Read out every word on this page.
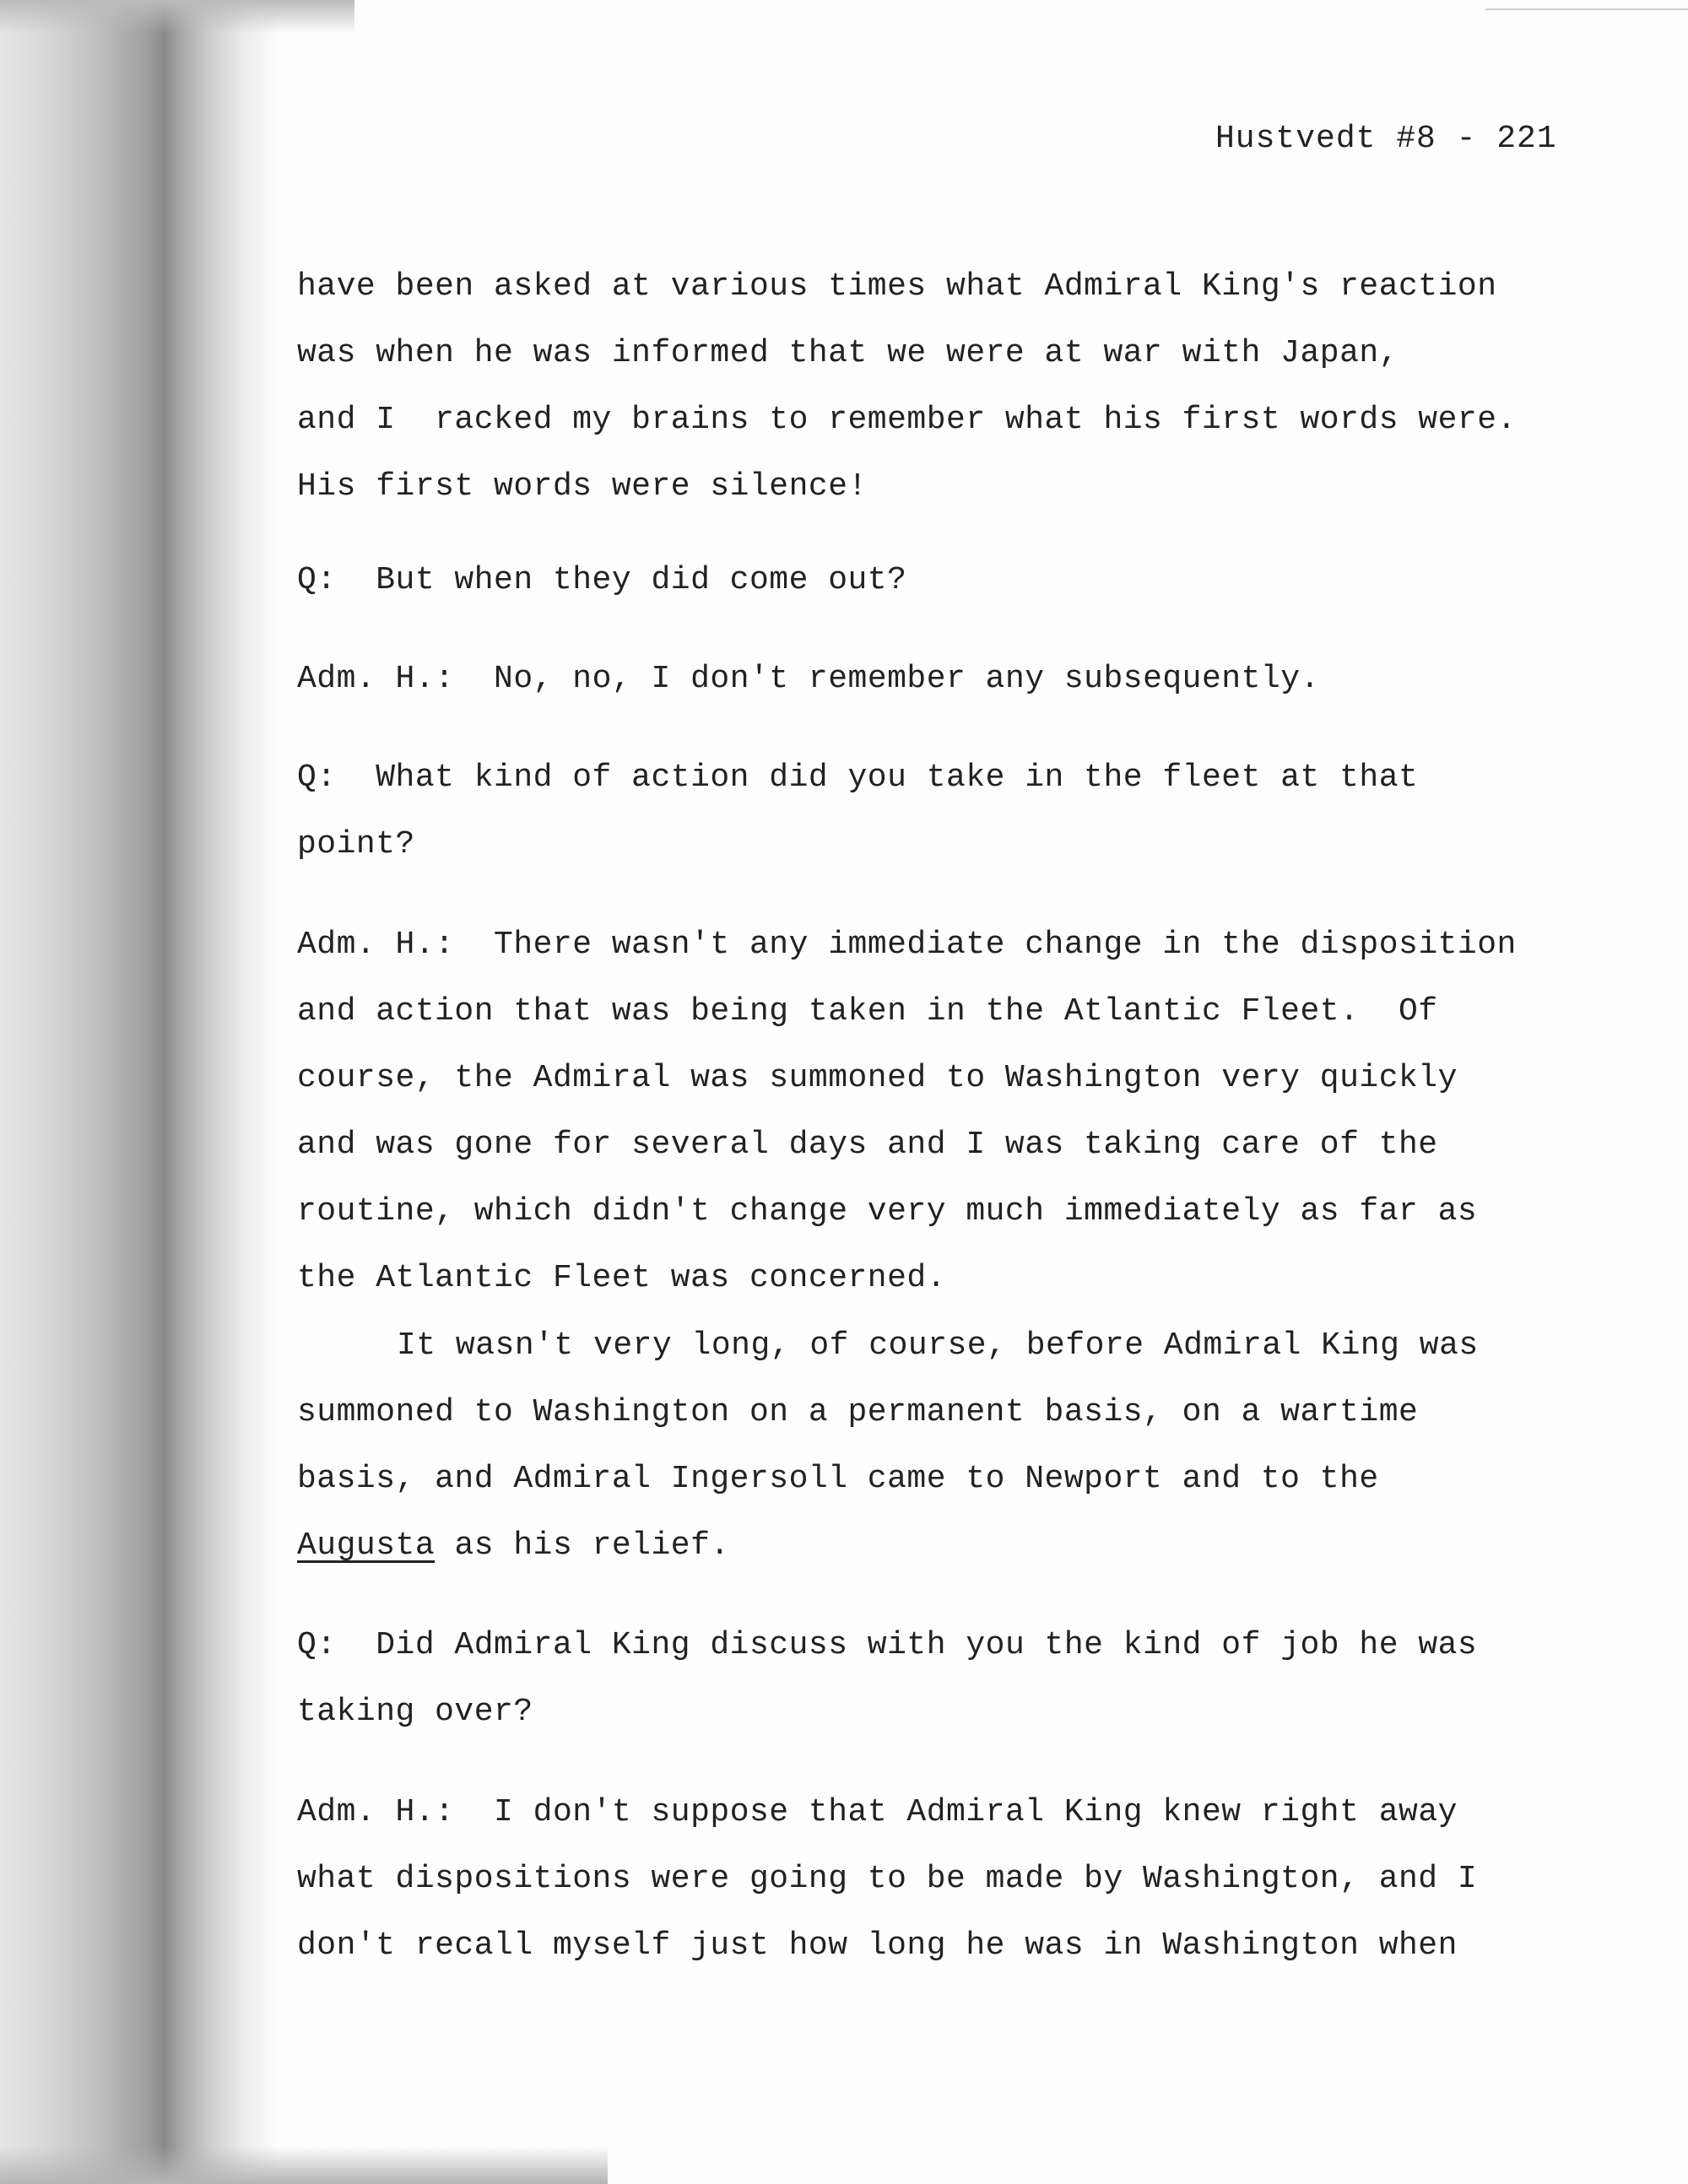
Hustvedt #8 - 221
have been asked at various times what Admiral King's reaction
was when he was informed that we were at war with Japan,
and I  racked my brains to remember what his first words were.
His first words were silence!
Q: But when they did come out?
Adm. H.: No, no, I don't remember any subsequently.
Q: What kind of action did you take in the fleet at that
point?
Adm. H.: There wasn't any immediate change in the disposition
and action that was being taken in the Atlantic Fleet.  Of
course, the Admiral was summoned to Washington very quickly
and was gone for several days and I was taking care of the
routine, which didn't change very much immediately as far as
the Atlantic Fleet was concerned.
It wasn't very long, of course, before Admiral King was
summoned to Washington on a permanent basis, on a wartime
basis, and Admiral Ingersoll came to Newport and to the
Augusta as his relief.
Q: Did Admiral King discuss with you the kind of job he was
taking over?
Adm. H.: I don't suppose that Admiral King knew right away
what dispositions were going to be made by Washington, and I
don't recall myself just how long he was in Washington when
